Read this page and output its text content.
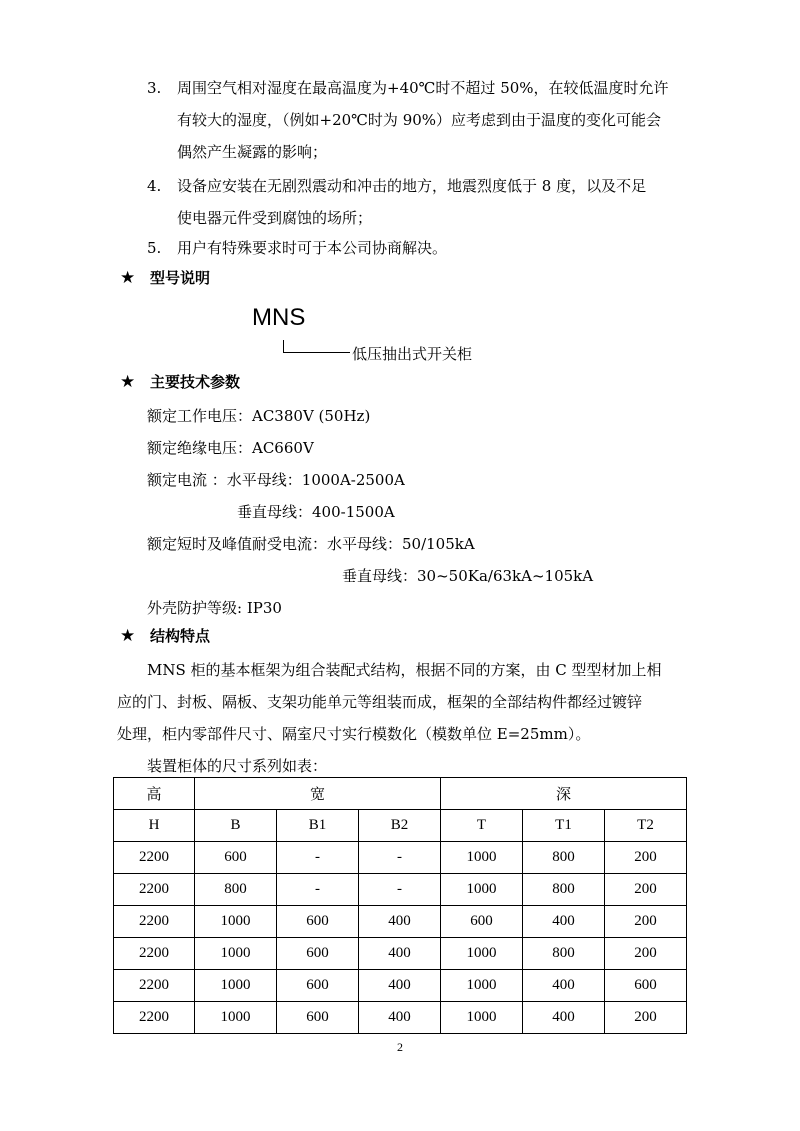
3. 周围空气相对湿度在最高温度为+40℃时不超过 50%，在较低温度时允许
有较大的湿度，（例如+20℃时为 90%）应考虑到由于温度的变化可能会
偶然产生凝露的影响；
4. 设备应安装在无剧烈震动和冲击的地方，地震烈度低于 8 度，以及不足
使电器元件受到腐蚀的场所；
5. 用户有特殊要求时可于本公司协商解决。
★ 型号说明
MNS
低压抽出式开关柜
★ 主要技术参数
额定工作电压：AC380V (50Hz)
额定绝缘电压：AC660V
额定电流 ：水平母线：1000A-2500A
垂直母线：400-1500A
额定短时及峰值耐受电流：水平母线：50/105kA
垂直母线：30~50Ka/63kA~105kA
外壳防护等级: IP30
★ 结构特点
MNS 柜的基本框架为组合装配式结构，根据不同的方案，由 C 型型材加上相
应的门、封板、隔板、支架功能单元等组装而成，框架的全部结构件都经过镀锌
处理，柜内零部件尺寸、隔室尺寸实行模数化（模数单位 E=25mm）。
装置柜体的尺寸系列如表：
高	宽			深		
H	B	B1	B2	T	T1	T2
2200	600	-	-	1000	800	200
2200	800	-	-	1000	800	200
2200	1000	600	400	600	400	200
2200	1000	600	400	1000	800	200
2200	1000	600	400	1000	400	600
2200	1000	600	400	1000	400	200
2
